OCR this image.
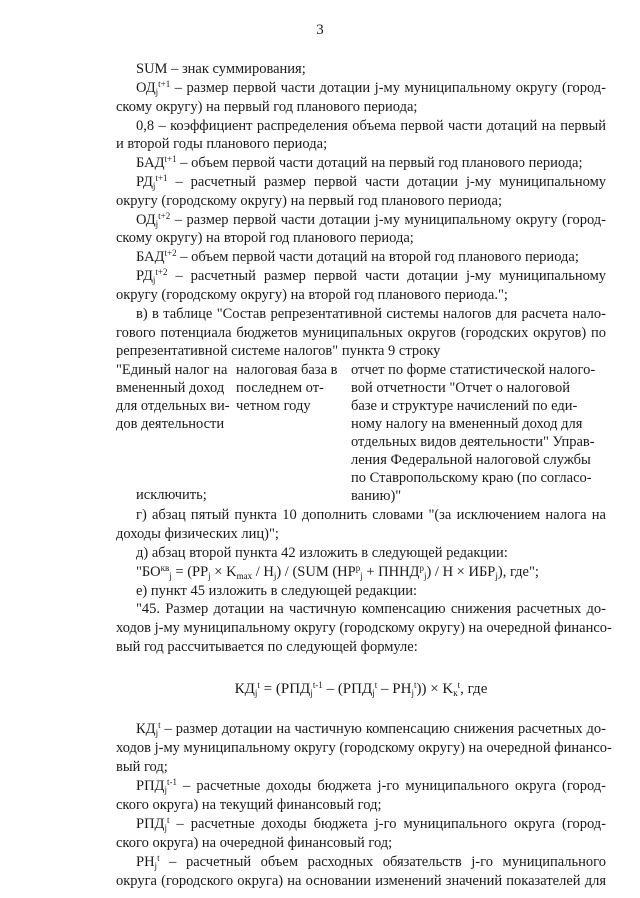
3
SUM – знак суммирования;
$ОД_j^{t+1}$ – размер первой части дотации j-му муниципальному округу (город-
скому округу) на первый год планового периода;
0,8 – коэффициент распределения объема первой части дотаций на первый
и второй годы планового периода;
$БАД^{t+1}$ – объем первой части дотаций на первый год планового периода;
$РД_j^{t+1}$ – расчетный размер первой части дотации j-му муниципальному
округу (городскому округу) на первый год планового периода;
$ОД_j^{t+2}$ – размер первой части дотации j-му муниципальному округу (город-
скому округу) на второй год планового периода;
$БАД^{t+2}$ – объем первой части дотаций на второй год планового периода;
$РД_j^{t+2}$ – расчетный размер первой части дотации j-му муниципальному
округу (городскому округу) на второй год планового периода.";
в) в таблице "Состав репрезентативной системы налогов для расчета нало-
гового потенциала бюджетов муниципальных округов (городских округов) по
репрезентативной системе налогов" пункта 9 строку
"Единый налог на
вмененный доход
для отдельных ви-
дов деятельности
налоговая база в
последнем от-
четном году
отчет по форме статистической налого-
вой отчетности "Отчет о налоговой
базе и структуре начислений по еди-
ному налогу на вмененный доход для
отдельных видов деятельности" Управ-
ления Федеральной налоговой службы
по Ставропольскому краю (по согласо-
ванию)"
исключить;
г) абзац пятый пункта 10 дополнить словами "(за исключением налога на
доходы физических лиц)";
д) абзац второй пункта 42 изложить в следующей редакции:
"$БО^{кв}_j = (РР_j \times K_{max} / H_j) / (SUM$ ($НР^p_j$ + $ПННД^p_j) / H \times ИБР_j$), где";
е) пункт 45 изложить в следующей редакции:
"45. Размер дотации на частичную компенсацию снижения расчетных до-
ходов j-му муниципальному округу (городскому округу) на очередной финансо-
вый год рассчитывается по следующей формуле:
$КД_j^t = (РПД_j^{t-1} - (РПД_j^t - РН_j^t)) \times K_к^t$, где
$КД_j^t$ – размер дотации на частичную компенсацию снижения расчетных до-
ходов j-му муниципальному округу (городскому округу) на очередной финансо-
вый год;
$РПД_j^{t-1}$ – расчетные доходы бюджета j-го муниципального округа (город-
ского округа) на текущий финансовый год;
$РПД_j^t$ – расчетные доходы бюджета j-го муниципального округа (город-
ского округа) на очередной финансовый год;
$РН_j^t$ – расчетный объем расходных обязательств j-го муниципального
округа (городского округа) на основании изменений значений показателей для
